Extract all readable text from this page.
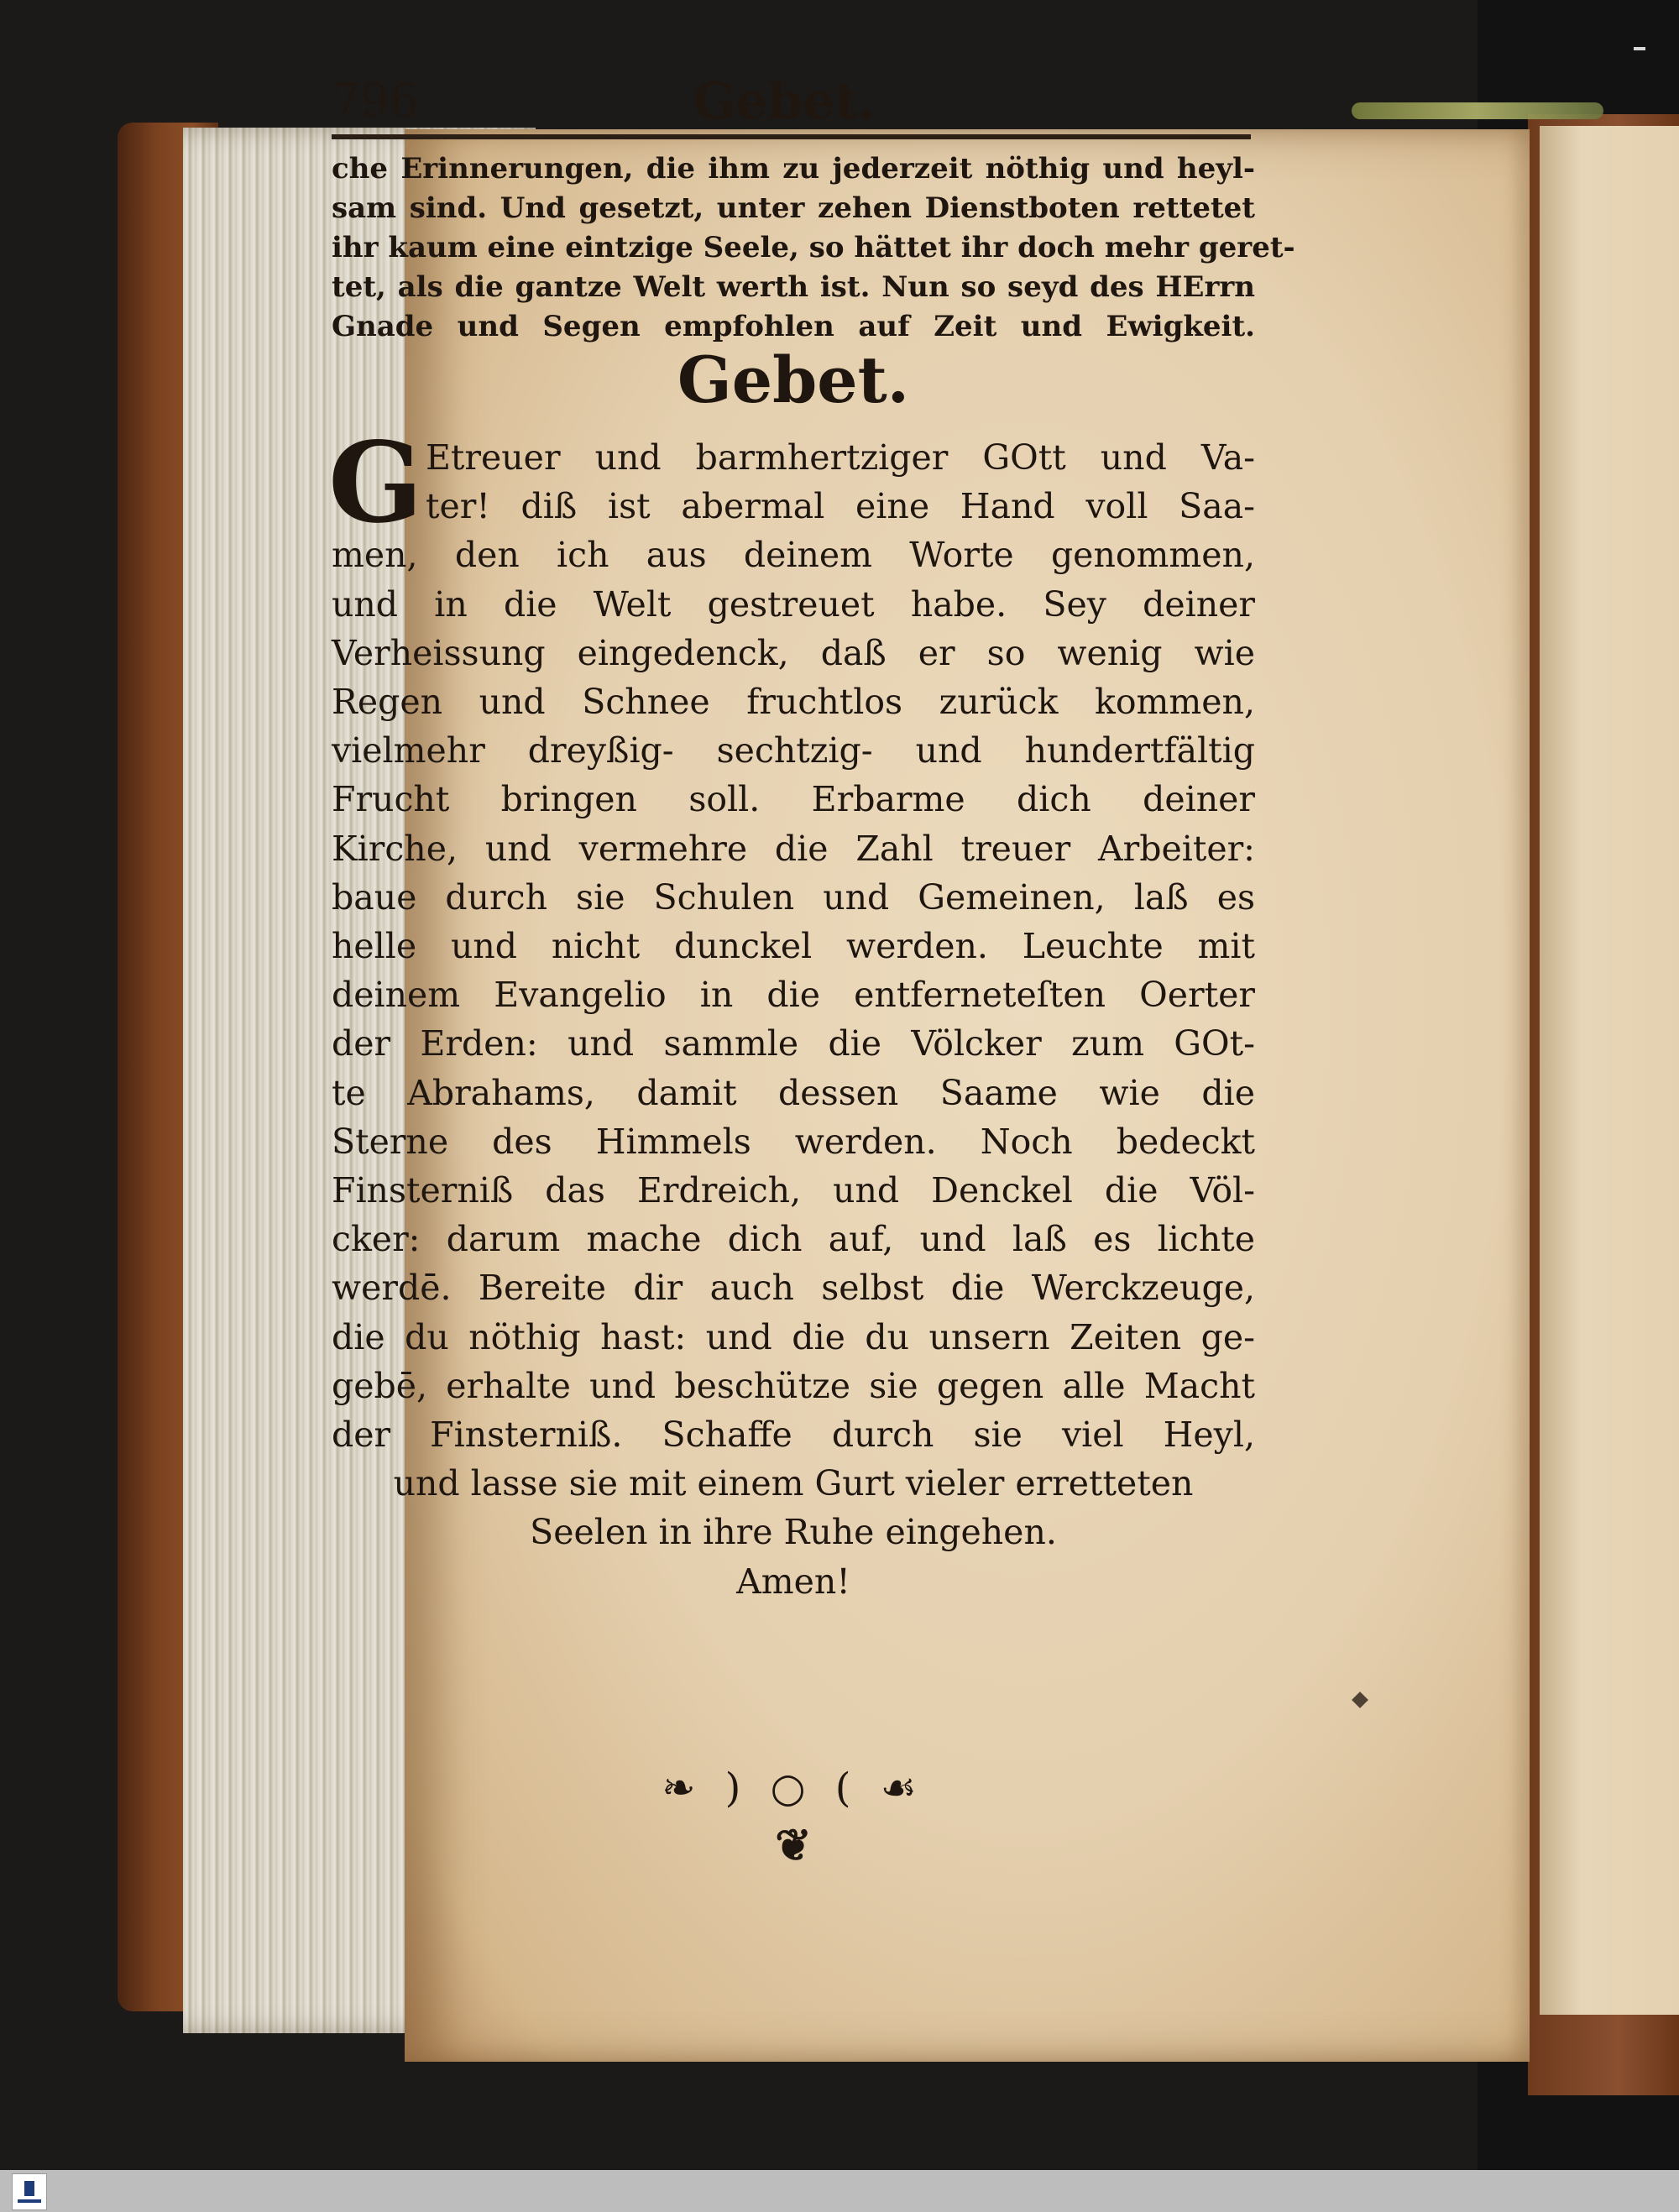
796	Gebet.
che Erinnerungen, die ihm zu jederzeit nöthig und heyl-
sam sind. Und gesetzt, unter zehen Dienstboten rettetet
ihr kaum eine eintzige Seele, so hättet ihr doch mehr geret-
tet, als die gantze Welt werth ist. Nun so seyd des HErrn
Gnade und Segen empfohlen auf Zeit und Ewigkeit.
Gebet.
G Etreuer und barmhertziger GOtt und Va-
ter! diß ist abermal eine Hand voll Saa-
men, den ich aus deinem Worte genommen,
und in die Welt gestreuet habe. Sey deiner
Verheissung eingedenck, daß er so wenig wie
Regen und Schnee fruchtlos zurück kommen,
vielmehr dreyßig- sechtzig- und hundertfältig
Frucht bringen soll. Erbarme dich deiner
Kirche, und vermehre die Zahl treuer Arbeiter:
baue durch sie Schulen und Gemeinen, laß es
helle und nicht dunckel werden. Leuchte mit
deinem Evangelio in die entferneteſten Oerter
der Erden: und sammle die Völcker zum GOt-
te Abrahams, damit dessen Saame wie die
Sterne des Himmels werden. Noch bedeckt
Finsterniß das Erdreich, und Denckel die Völ-
cker: darum mache dich auf, und laß es lichte
werdē. Bereite dir auch selbst die Werckzeuge,
die du nöthig hast: und die du unsern Zeiten ge-
gebē, erhalte und beschütze sie gegen alle Macht
der Finsterniß. Schaffe durch sie viel Heyl,
und lasse sie mit einem Gurt vieler erretteten
Seelen in ihre Ruhe eingehen.
Amen!
❧ ) ○ ( ☙
❦
